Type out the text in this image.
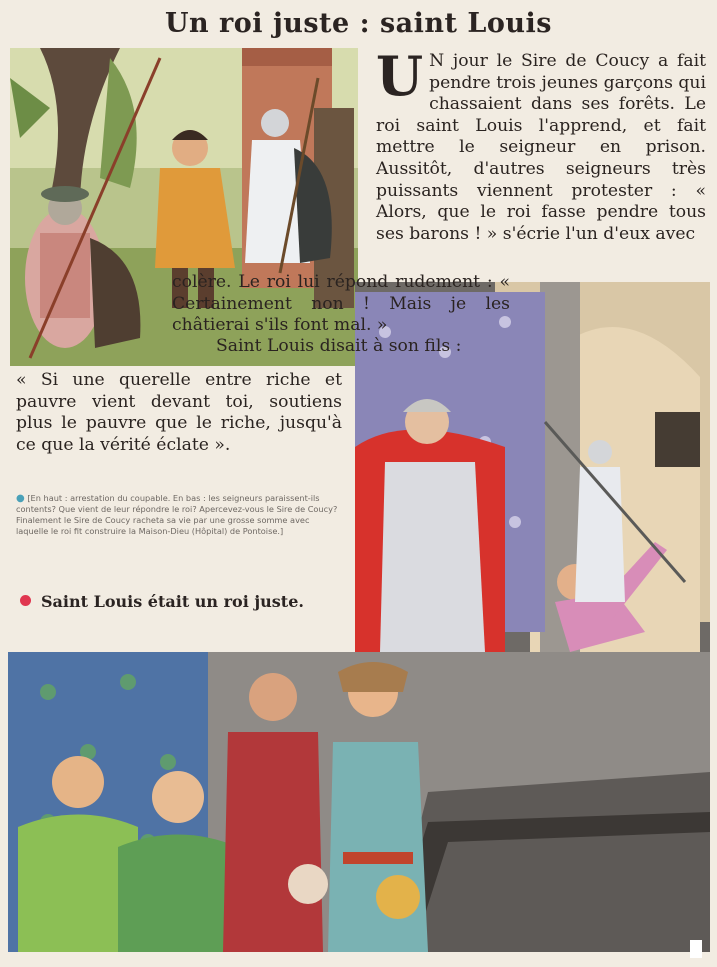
Un roi juste : saint Louis
U N jour le Sire de Coucy a fait pendre trois jeunes garçons qui chassaient dans ses forêts. Le roi saint Louis l'apprend, et fait mettre le seigneur en prison. Aussitôt, d'autres seigneurs très puissants viennent protester : « Alors, que le roi fasse pendre tous ses barons ! » s'écrie l'un d'eux avec
colère. Le roi lui répond rudement : « Certainement non ! Mais je les châtierai s'ils font mal. »
Saint Louis disait à son fils :
« Si une querelle entre riche et pauvre vient devant toi, soutiens plus le pauvre que le riche, jusqu'à ce que la vérité éclate ».
● [En haut : arrestation du coupable. En bas : les seigneurs paraissent-ils contents? Que vient de leur répondre le roi? Apercevez-vous le Sire de Coucy? Finalement le Sire de Coucy racheta sa vie par une grosse somme avec laquelle le roi fit construire la Maison-Dieu (Hôpital) de Pontoise.]
Saint Louis était un roi juste.
